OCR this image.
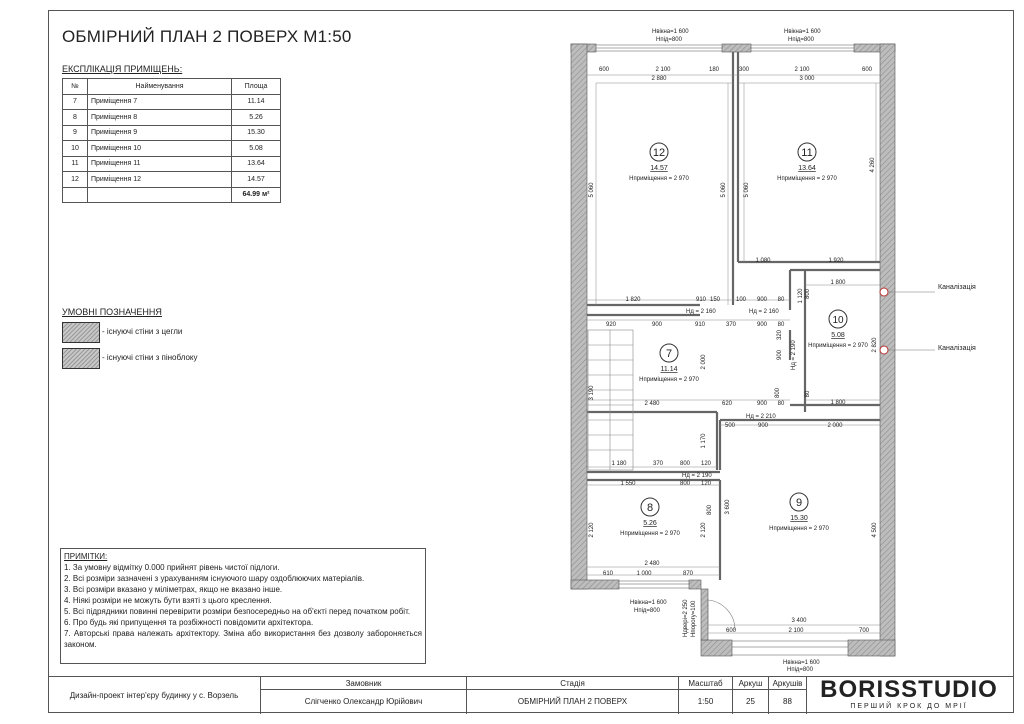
ОБМІРНИЙ ПЛАН 2 ПОВЕРХ М1:50
ЕКСПЛІКАЦІЯ ПРИМІЩЕНЬ:
№	Найменування	Площа
7	Приміщення 7	11.14
8	Приміщення 8	5.26
9	Приміщення 9	15.30
10	Приміщення 10	5.08
11	Приміщення 11	13.64
12	Приміщення 12	14.57
		64.99 м²
УМОВНІ ПОЗНАЧЕННЯ
- існуючі стіни з цегли
- існуючі стіни з піноблоку
ПРИМІТКИ:
1. За умовну відмітку 0.000 прийнят рівень чистої підлоги.
2. Всі розміри зазначені з урахуванням існуючого шару оздоблюючих матеріалів.
3. Всі розміри вказано у міліметрах, якщо не вказано інше.
4. Ніякі розміри не можуть бути взяті з цього креслення.
5. Всі підрядники повинні перевірити розміри безпосередньо на об'єкті перед початком робіт.
6. Про будь які припущення та розбіжності повідомити архітектора.
7. Авторські права належать архітектору. Зміна або використання без дозволу забороняється законом.
Каналізація
Каналізація
Нвікна=1 600
Нпід=800
Нвікна=1 600
Нпід=800
Нвікна=1 600
Нпід=800
Нвікна=1 600
Нпід=800
Ндвері=2 250 Нпорогу=100
Нд = 2 160	Нд = 2 160
Нд = 2 210
Нд = 2 190
Нд = 2 190
12
14.57
Нприміщення = 2 970
11
13.64
Нприміщення = 2 970
10
5.08
Нприміщення = 2 970
7
11.14
Нприміщення = 2 970
8
5.26
Нприміщення = 2 970
9
15.30
Нприміщення = 2 970
600	2 100	180	300	2 100	600
2 880	3 000
5 060	5 060	5 060
4 260
1 080	1 920
1 800
1 120
2 820
1 800
1 820	910 150	100 900 80
920	900	910	370	900 80
3 190
2 000
2 480	620	900 80
320
900
800
800	80
500	900	2 000
3 600
4 500
3 400
600	2 100	700
1 180	370	800 120
1 550	800 120
2 120	2 120
2 480
610	1 000	870
1 170
800
Дизайн-проект інтер'єру будинку у с. Ворзель
Замовник
Слігченко Олександр Юрійович
Стадія
ОБМІРНИЙ ПЛАН 2 ПОВЕРХ
Масштаб
1:50
Аркуш
25
Аркушів
88	BORISSTUDIO
ПЕРШИЙ КРОК ДО МРІЇ
